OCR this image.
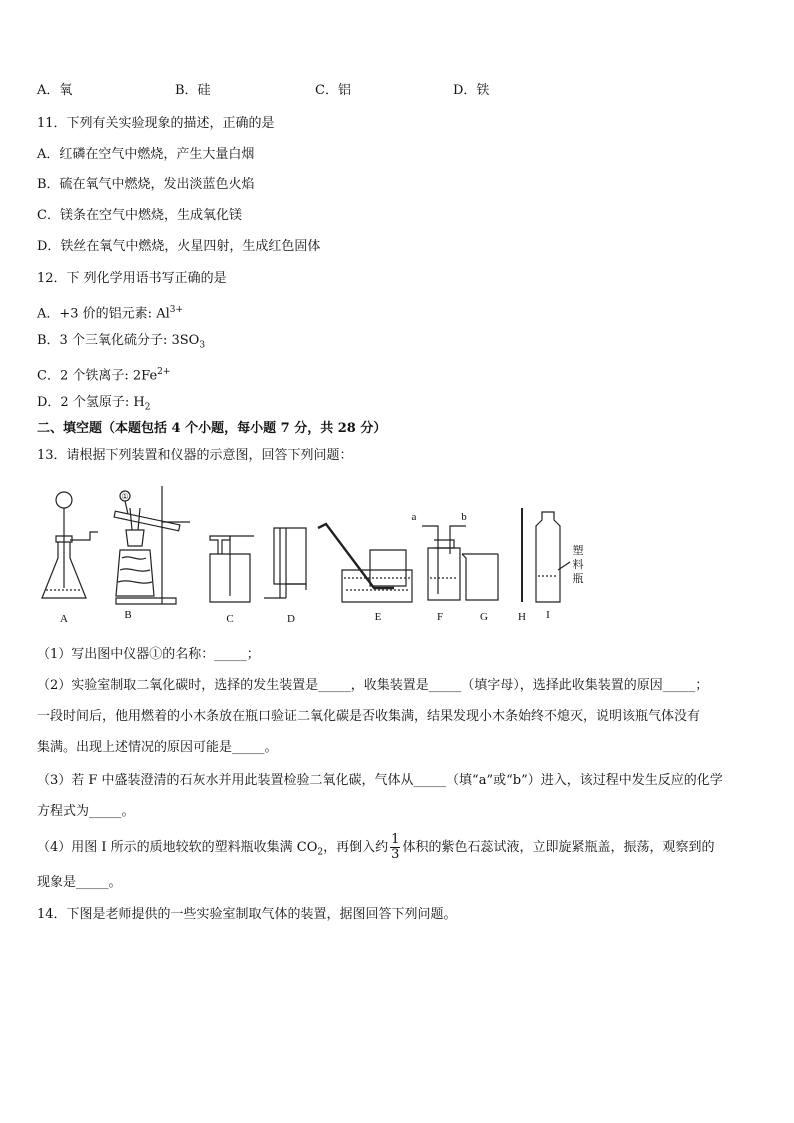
A．氧	B．硅	C．铝	D．铁
11．下列有关实验现象的描述，正确的是
A．红磷在空气中燃烧，产生大量白烟
B．硫在氧气中燃烧，发出淡蓝色火焰
C．镁条在空气中燃烧，生成氧化镁
D．铁丝在氧气中燃烧，火星四射，生成红色固体
12．下 列化学用语书写正确的是
A．+3 价的铝元素: $Al^{3+}$
B．3 个三氧化硫分子: $3SO_3$
C．2 个铁离子: $2Fe^{2+}$
D．2 个氢原子: $H_2$
二、填空题（本题包括 4 个小题，每小题 7 分，共 28 分）
13．请根据下列装置和仪器的示意图，回答下列问题：
A	B	C	D	E	F	G	H I
①
a	b
塑
料
瓶
（1）写出图中仪器①的名称：_____；
（2）实验室制取二氧化碳时，选择的发生装置是_____，收集装置是_____（填字母），选择此收集装置的原因_____；
一段时间后，他用燃着的小木条放在瓶口验证二氧化碳是否收集满，结果发现小木条始终不熄灭，说明该瓶气体没有
集满。出现上述情况的原因可能是_____。
（3）若 F 中盛装澄清的石灰水并用此装置检验二氧化碳，气体从_____（填“a”或“b”）进入，该过程中发生反应的化学
方程式为_____。
（4）用图 I 所示的质地较软的塑料瓶收集满 $CO_2$，再倒入约 $\frac{1}{3}$ 体积的紫色石蕊试液，立即旋紧瓶盖，振荡，观察到的
现象是_____。
14．下图是老师提供的一些实验室制取气体的装置，据图回答下列问题。
